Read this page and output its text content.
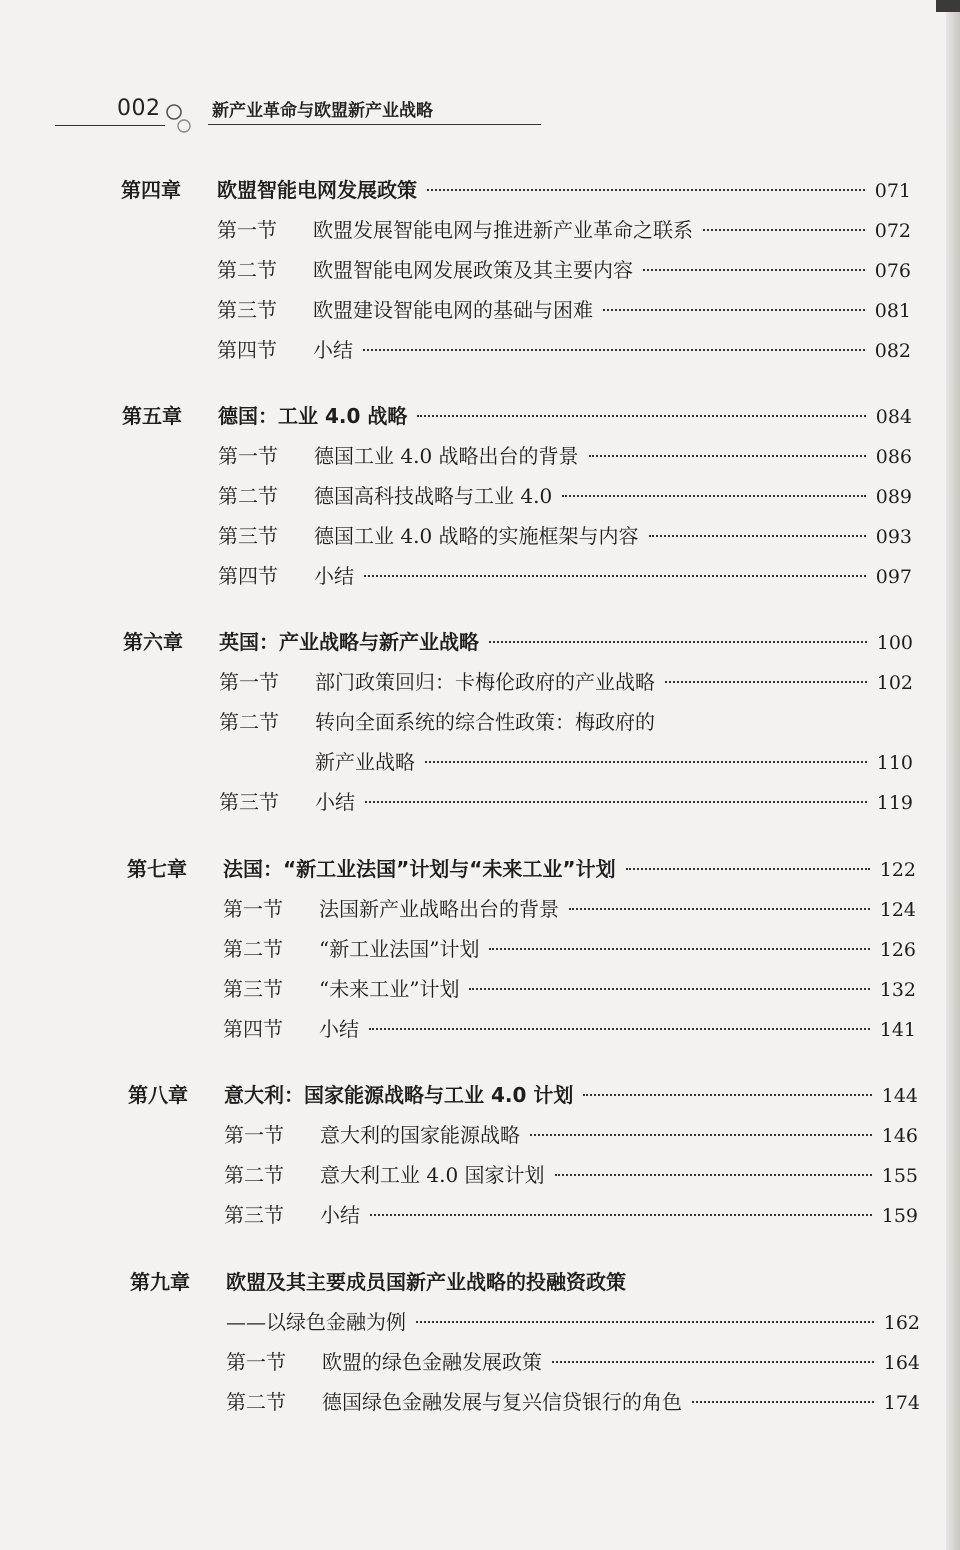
002	新产业革命与欧盟新产业战略
第四章	欧盟智能电网发展政策	071
第一节	欧盟发展智能电网与推进新产业革命之联系	072
第二节	欧盟智能电网发展政策及其主要内容	076
第三节	欧盟建设智能电网的基础与困难	081
第四节	小结	082
第五章	德国：工业 4.0 战略	084
第一节	德国工业 4.0 战略出台的背景	086
第二节	德国高科技战略与工业 4.0	089
第三节	德国工业 4.0 战略的实施框架与内容	093
第四节	小结	097
第六章	英国：产业战略与新产业战略	100
第一节	部门政策回归：卡梅伦政府的产业战略	102
第二节	转向全面系统的综合性政策：梅政府的
新产业战略	110
第三节	小结	119
第七章	法国：“新工业法国”计划与“未来工业”计划	122
第一节	法国新产业战略出台的背景	124
第二节	“新工业法国”计划	126
第三节	“未来工业”计划	132
第四节	小结	141
第八章	意大利：国家能源战略与工业 4.0 计划	144
第一节	意大利的国家能源战略	146
第二节	意大利工业 4.0 国家计划	155
第三节	小结	159
第九章	欧盟及其主要成员国新产业战略的投融资政策
——以绿色金融为例	162
第一节	欧盟的绿色金融发展政策	164
第二节	德国绿色金融发展与复兴信贷银行的角色	174
